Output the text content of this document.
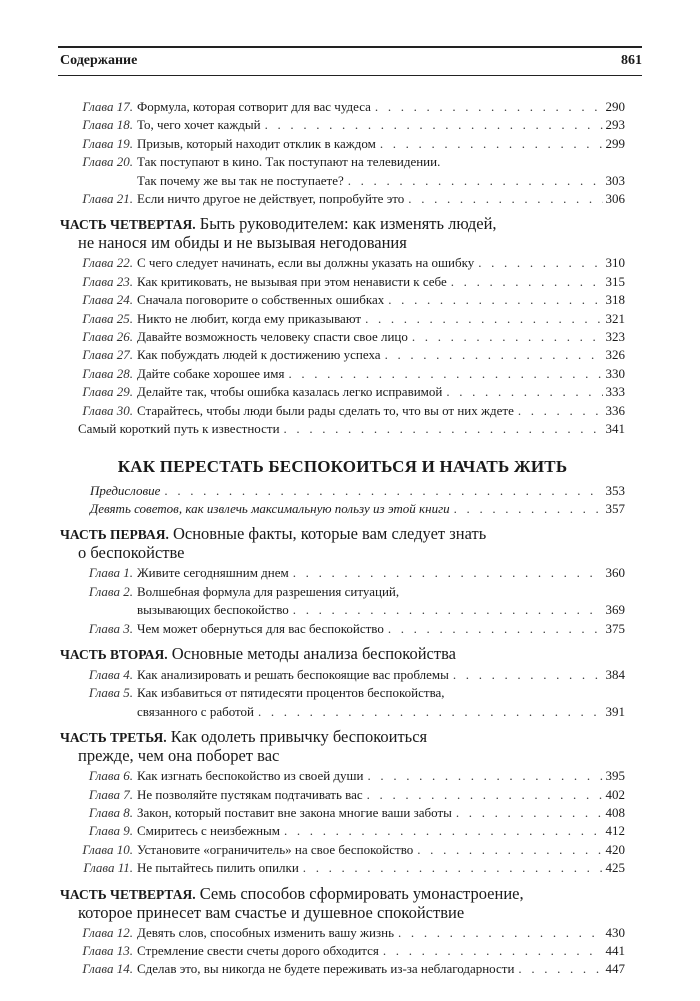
Содержание	861
Глава 17. Формула, которая сотворит для вас чудеса . . .	290
Глава 18. То, чего хочет каждый . . .	293
Глава 19. Призыв, который находит отклик в каждом . . .	299
Глава 20. Так поступают в кино. Так поступают на телевидении.
Так почему же вы так не поступаете? . . .	303
Глава 21. Если ничто другое не действует, попробуйте это . . .	306
ЧАСТЬ ЧЕТВЕРТАЯ. Быть руководителем: как изменять людей,
не нанося им обиды и не вызывая негодования
Глава 22. С чего следует начинать, если вы должны указать на ошибку . . .	310
Глава 23. Как критиковать, не вызывая при этом ненависти к себе . . .	315
Глава 24. Сначала поговорите о собственных ошибках . . .	318
Глава 25. Никто не любит, когда ему приказывают . . .	321
Глава 26. Давайте возможность человеку спасти свое лицо . . .	323
Глава 27. Как побуждать людей к достижению успеха . . .	326
Глава 28. Дайте собаке хорошее имя . . .	330
Глава 29. Делайте так, чтобы ошибка казалась легко исправимой . . .	333
Глава 30. Старайтесь, чтобы люди были рады сделать то, что вы от них ждете . . .	336
Самый короткий путь к известности . . .	341
КАК ПЕРЕСТАТЬ БЕСПОКОИТЬСЯ И НАЧАТЬ ЖИТЬ
Предисловие . . .	353
Девять советов, как извлечь максимальную пользу из этой книги . . .	357
ЧАСТЬ ПЕРВАЯ. Основные факты, которые вам следует знать
о беспокойстве
Глава 1. Живите сегодняшним днем . . .	360
Глава 2. Волшебная формула для разрешения ситуаций,
вызывающих беспокойство . . .	369
Глава 3. Чем может обернуться для вас беспокойство . . .	375
ЧАСТЬ ВТОРАЯ. Основные методы анализа беспокойства
Глава 4. Как анализировать и решать беспокоящие вас проблемы . . .	384
Глава 5. Как избавиться от пятидесяти процентов беспокойства,
связанного с работой . . .	391
ЧАСТЬ ТРЕТЬЯ. Как одолеть привычку беспокоиться
прежде, чем она поборет вас
Глава 6. Как изгнать беспокойство из своей души . . .	395
Глава 7. Не позволяйте пустякам подтачивать вас . . .	402
Глава 8. Закон, который поставит вне закона многие ваши заботы . . .	408
Глава 9. Смиритесь с неизбежным . . .	412
Глава 10. Установите «ограничитель» на свое беспокойство . . .	420
Глава 11. Не пытайтесь пилить опилки . . .	425
ЧАСТЬ ЧЕТВЕРТАЯ. Семь способов сформировать умонастроение,
которое принесет вам счастье и душевное спокойствие
Глава 12. Девять слов, способных изменить вашу жизнь . . .	430
Глава 13. Стремление свести счеты дорого обходится . . .	441
Глава 14. Сделав это, вы никогда не будете переживать из-за неблагодарности . . .	447
